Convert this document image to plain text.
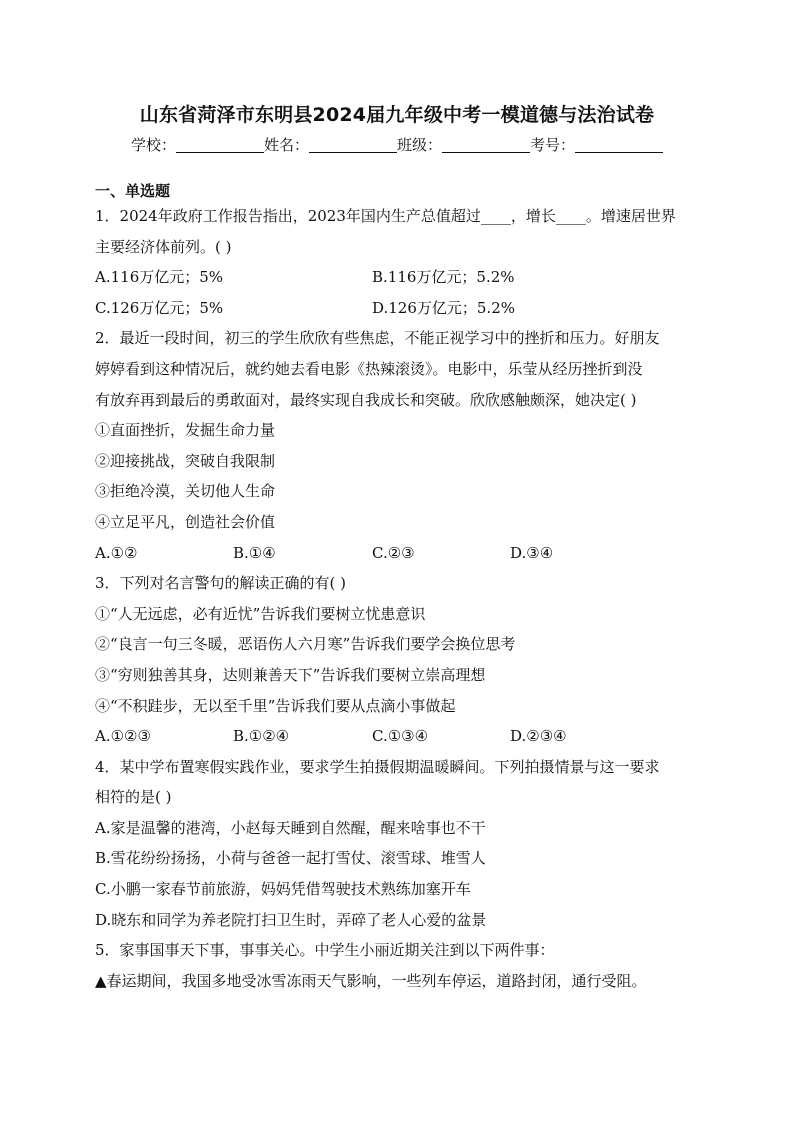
山东省菏泽市东明县2024届九年级中考一模道德与法治试卷
学校：	姓名：	班级：	考号：
一、单选题
1．2024年政府工作报告指出，2023年国内生产总值超过____，增长____。增速居世界
主要经济体前列。( )
A.116万亿元；5%	B.116万亿元；5.2%
C.126万亿元；5%	D.126万亿元；5.2%
2．最近一段时间，初三的学生欣欣有些焦虑，不能正视学习中的挫折和压力。好朋友
婷婷看到这种情况后，就约她去看电影《热辣滚烫》。电影中，乐莹从经历挫折到没
有放弃再到最后的勇敢面对，最终实现自我成长和突破。欣欣感触颇深，她决定( )
①直面挫折，发掘生命力量
②迎接挑战，突破自我限制
③拒绝冷漠，关切他人生命
④立足平凡，创造社会价值
A.①②	B.①④	C.②③	D.③④
3．下列对名言警句的解读正确的有( )
①“人无远虑，必有近忧”告诉我们要树立忧患意识
②“良言一句三冬暖，恶语伤人六月寒”告诉我们要学会换位思考
③“穷则独善其身，达则兼善天下”告诉我们要树立崇高理想
④“不积跬步，无以至千里”告诉我们要从点滴小事做起
A.①②③	B.①②④	C.①③④	D.②③④
4．某中学布置寒假实践作业，要求学生拍摄假期温暖瞬间。下列拍摄情景与这一要求
相符的是( )
A.家是温馨的港湾，小赵每天睡到自然醒，醒来啥事也不干
B.雪花纷纷扬扬，小荷与爸爸一起打雪仗、滚雪球、堆雪人
C.小鹏一家春节前旅游，妈妈凭借驾驶技术熟练加塞开车
D.晓东和同学为养老院打扫卫生时，弄碎了老人心爱的盆景
5．家事国事天下事，事事关心。中学生小丽近期关注到以下两件事：
▲春运期间，我国多地受冰雪冻雨天气影响，一些列车停运，道路封闭，通行受阻。
